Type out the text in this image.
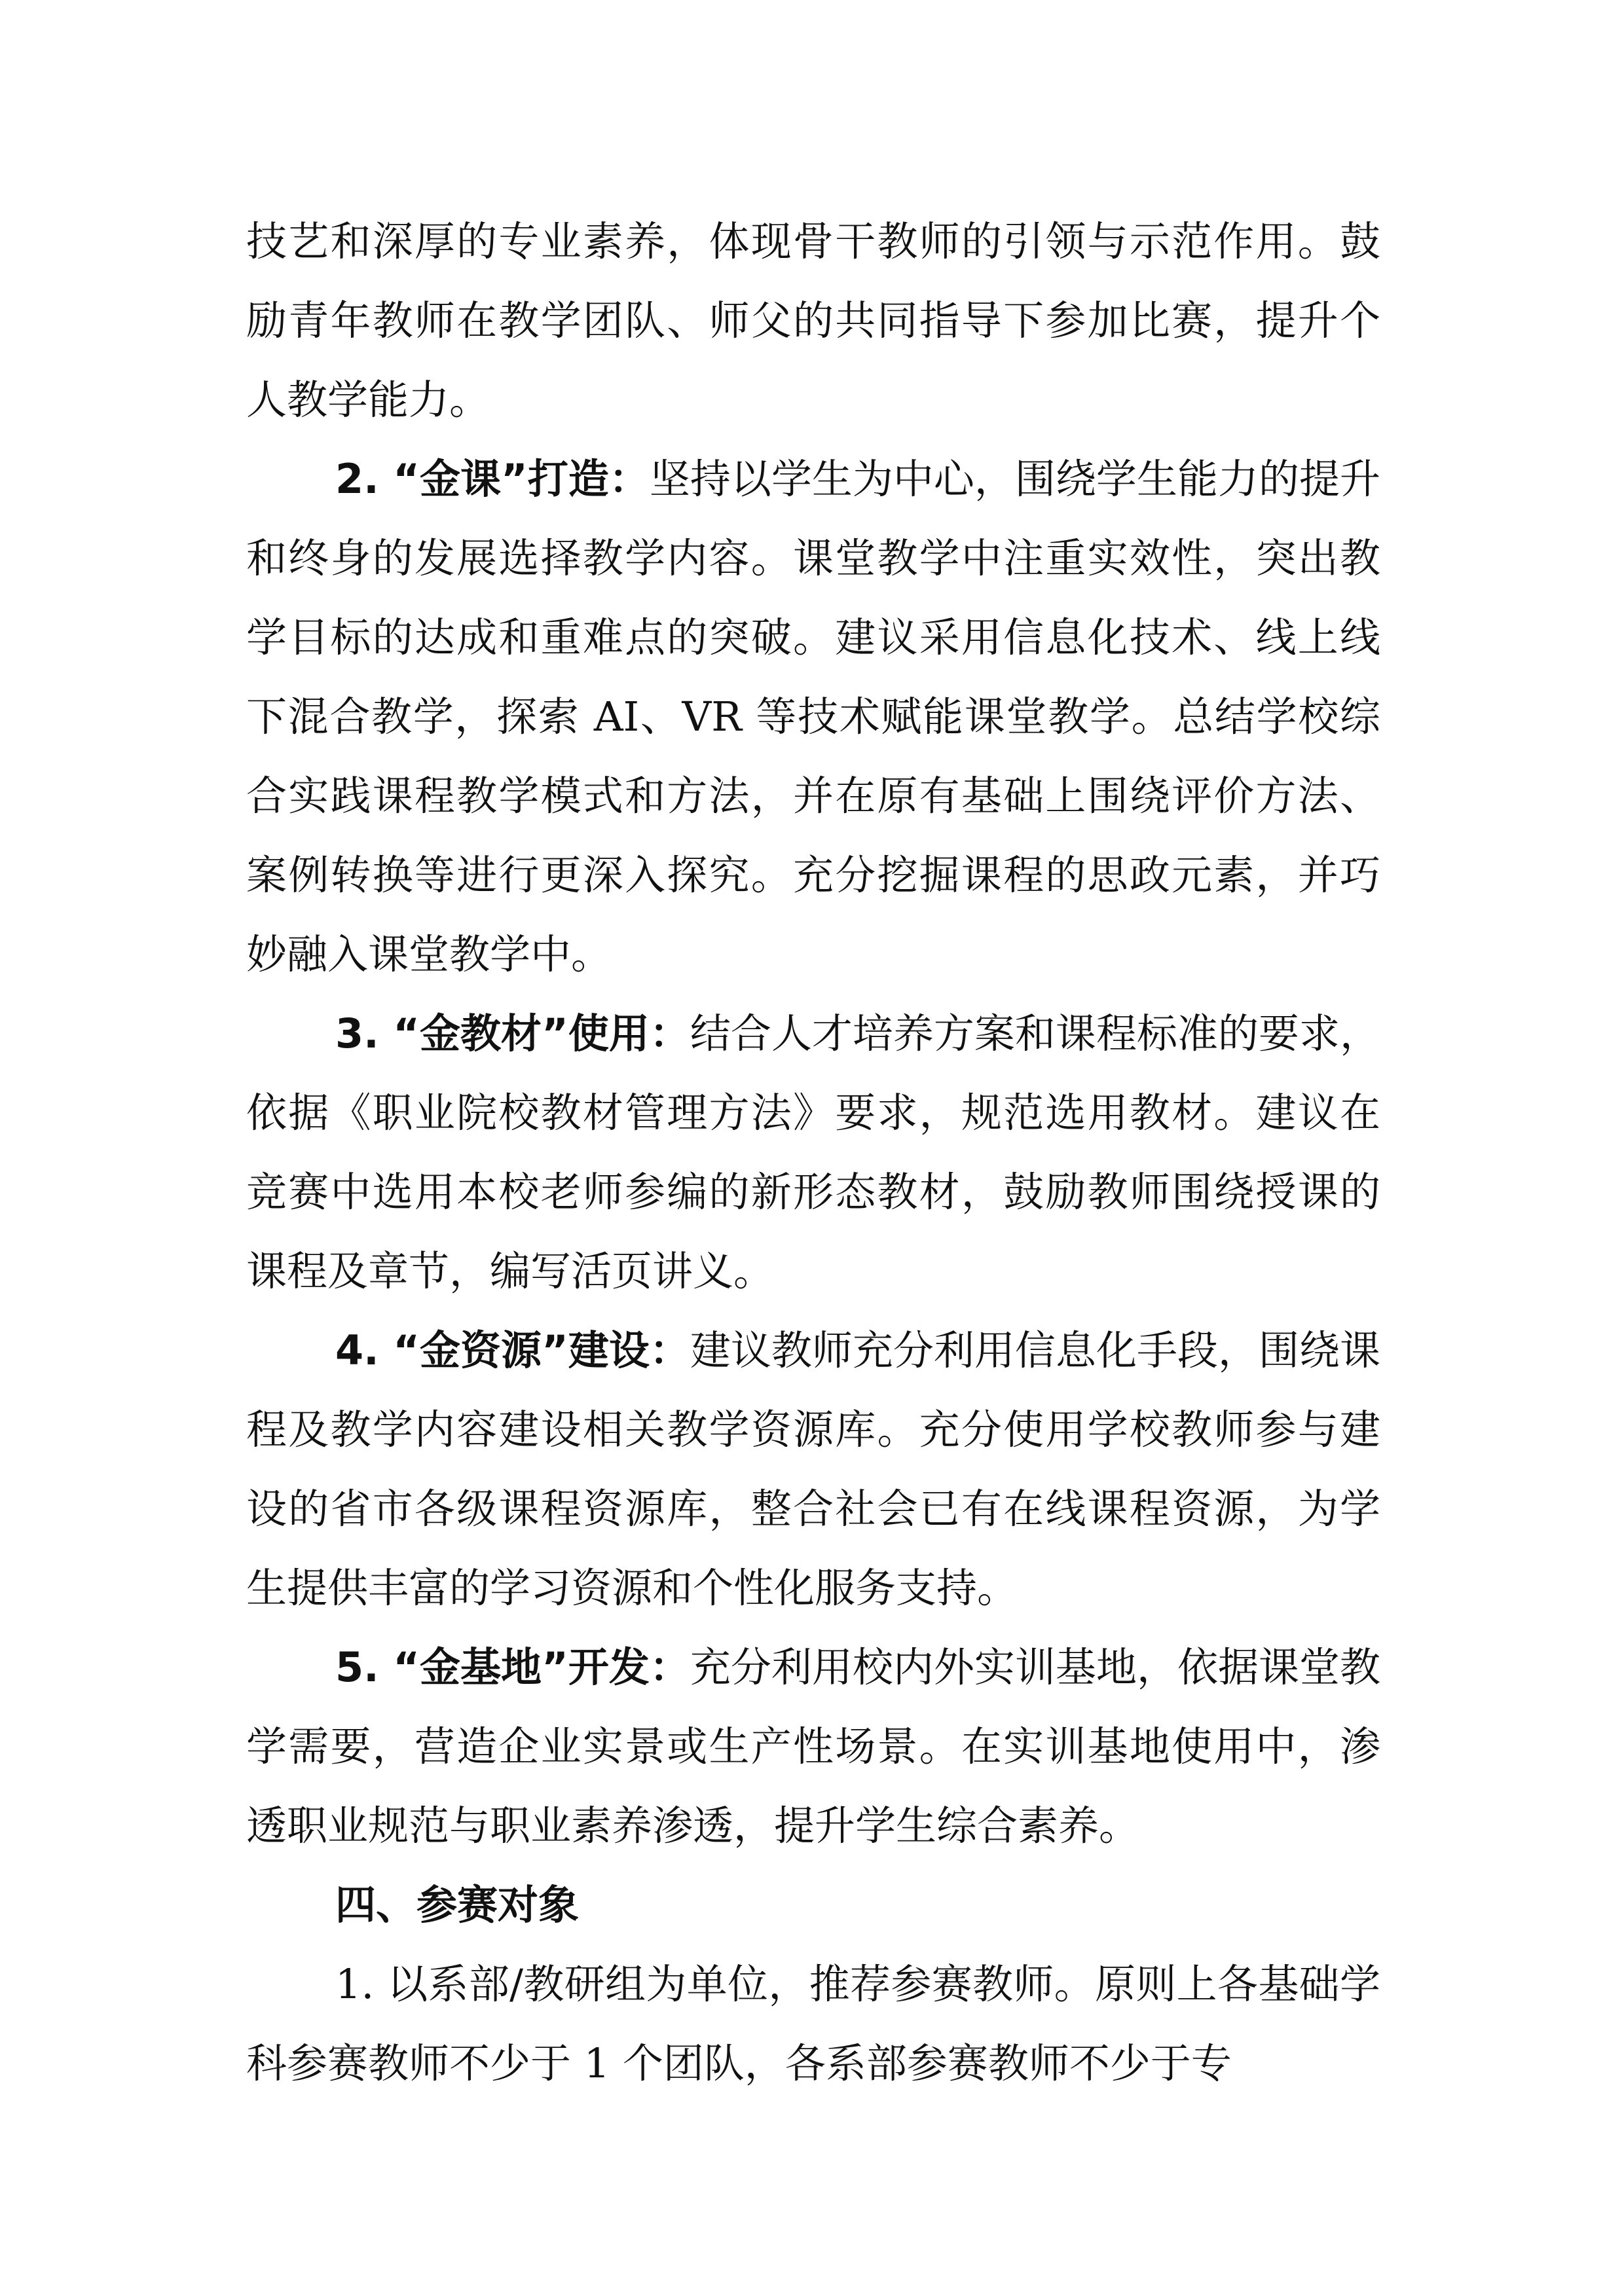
技艺和深厚的专业素养，体现骨干教师的引领与示范作用。鼓励青年教师在教学团队、师父的共同指导下参加比赛，提升个人教学能力。

2. “金课”打造：坚持以学生为中心，围绕学生能力的提升和终身的发展选择教学内容。课堂教学中注重实效性，突出教学目标的达成和重难点的突破。建议采用信息化技术、线上线下混合教学，探索 AI、VR 等技术赋能课堂教学。总结学校综合实践课程教学模式和方法，并在原有基础上围绕评价方法、案例转换等进行更深入探究。充分挖掘课程的思政元素，并巧妙融入课堂教学中。

3. “金教材”使用：结合人才培养方案和课程标准的要求，依据《职业院校教材管理方法》要求，规范选用教材。建议在竞赛中选用本校老师参编的新形态教材，鼓励教师围绕授课的课程及章节，编写活页讲义。

4. “金资源”建设：建议教师充分利用信息化手段，围绕课程及教学内容建设相关教学资源库。充分使用学校教师参与建设的省市各级课程资源库，整合社会已有在线课程资源，为学生提供丰富的学习资源和个性化服务支持。

5. “金基地”开发：充分利用校内外实训基地，依据课堂教学需要，营造企业实景或生产性场景。在实训基地使用中，渗透职业规范与职业素养渗透，提升学生综合素养。

四、参赛对象

1. 以系部/教研组为单位，推荐参赛教师。原则上各基础学科参赛教师不少于 1 个团队，各系部参赛教师不少于专
